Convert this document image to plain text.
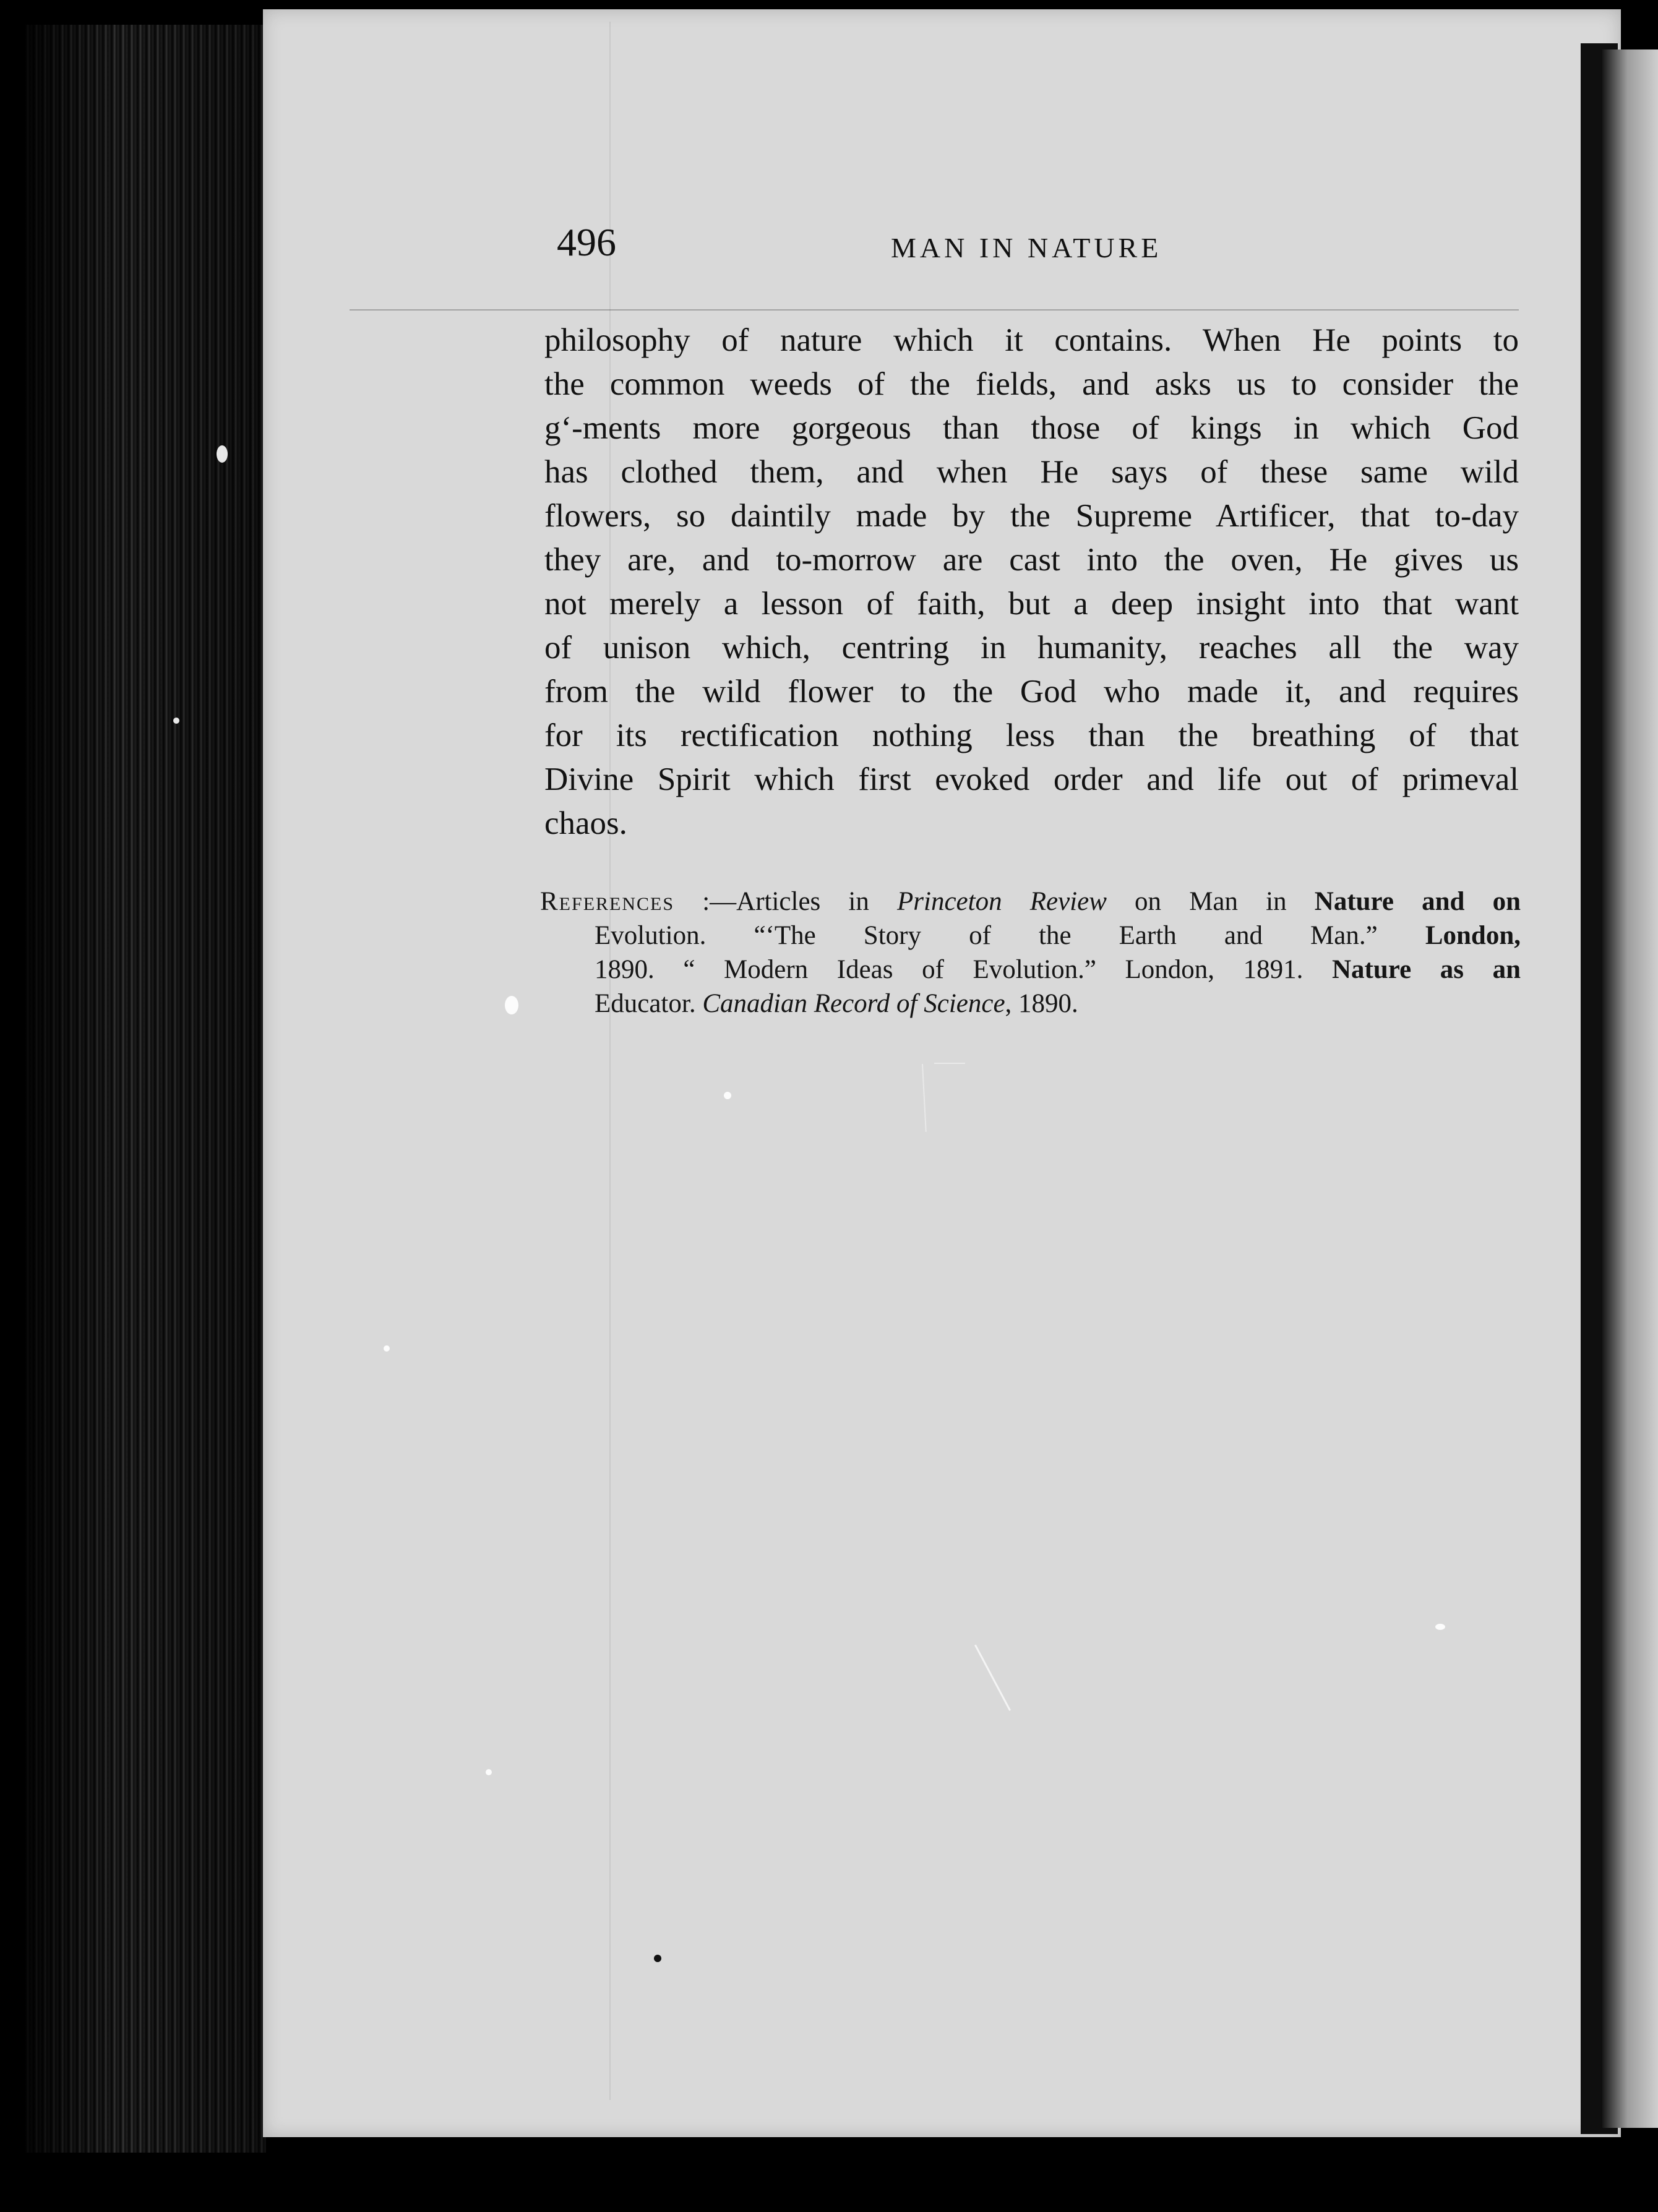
496	MAN IN NATURE
philosophy of nature which it contains. When He points to
the common weeds of the fields, and asks us to consider the
g‘-ments more gorgeous than those of kings in which God
has clothed them, and when He says of these same wild
flowers, so daintily made by the Supreme Artificer, that to-day
they are, and to-morrow are cast into the oven, He gives us
not merely a lesson of faith, but a deep insight into that want
of unison which, centring in humanity, reaches all the way
from the wild flower to the God who made it, and requires
for its rectification nothing less than the breathing of that
Divine Spirit which first evoked order and life out of primeval
chaos.
References :—Articles in Princeton Review on Man in Nature and on
Evolution. “‘The Story of the Earth and Man.” London,
1890. “ Modern Ideas of Evolution.” London, 1891. Nature as an
Educator. Canadian Record of Science, 1890.
